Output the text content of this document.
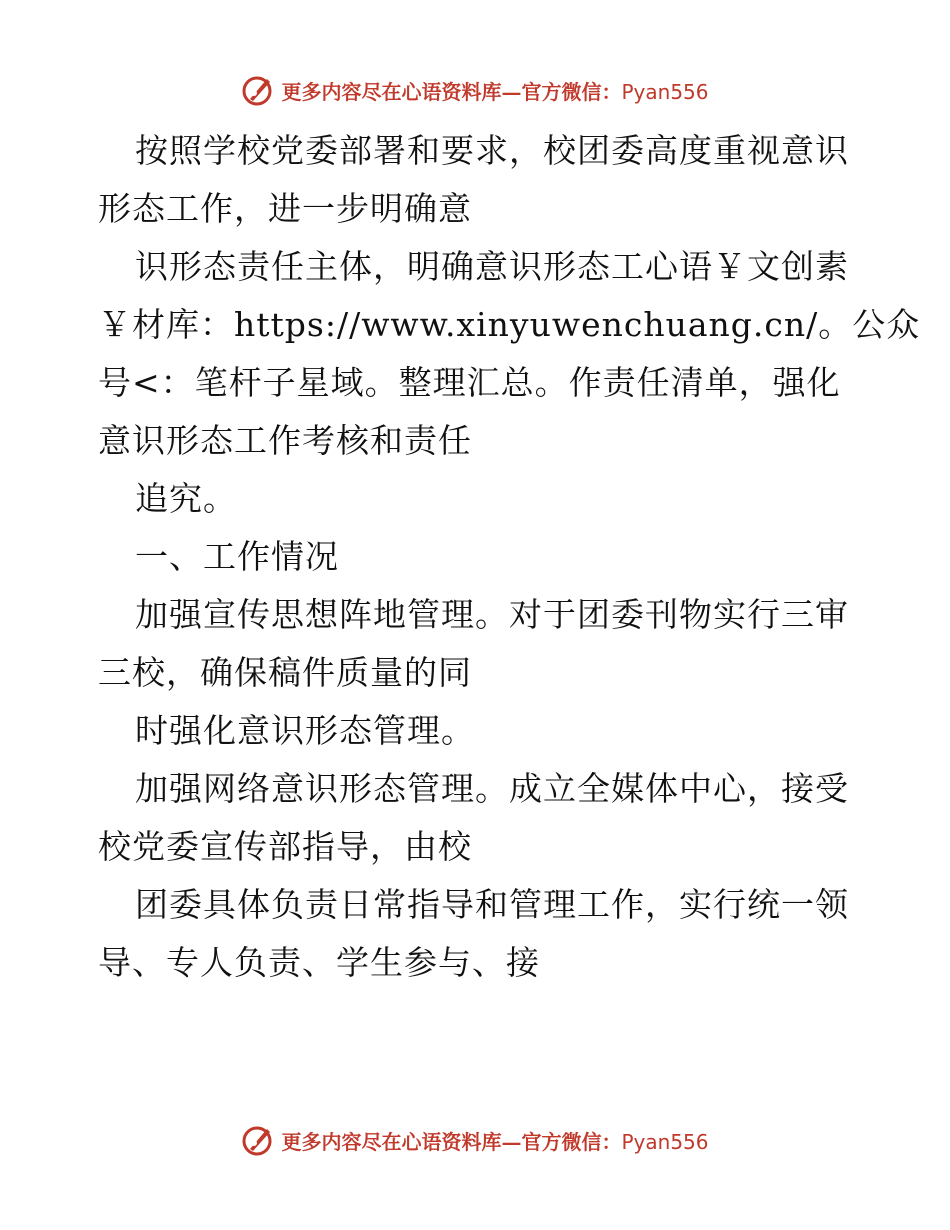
更多内容尽在心语资料库—官方微信：Pyan556
按照学校党委部署和要求，校团委高度重视意识
形态工作，进一步明确意
识形态责任主体，明确意识形态工心语￥文创素
￥材库：https://www.xinyuwenchuang.cn/。公众
号<：笔杆子星域。整理汇总。作责任清单，强化
意识形态工作考核和责任
追究。
一、工作情况
加强宣传思想阵地管理。对于团委刊物实行三审
三校，确保稿件质量的同
时强化意识形态管理。
加强网络意识形态管理。成立全媒体中心，接受
校党委宣传部指导，由校
团委具体负责日常指导和管理工作，实行统一领
导、专人负责、学生参与、接
更多内容尽在心语资料库—官方微信：Pyan556
